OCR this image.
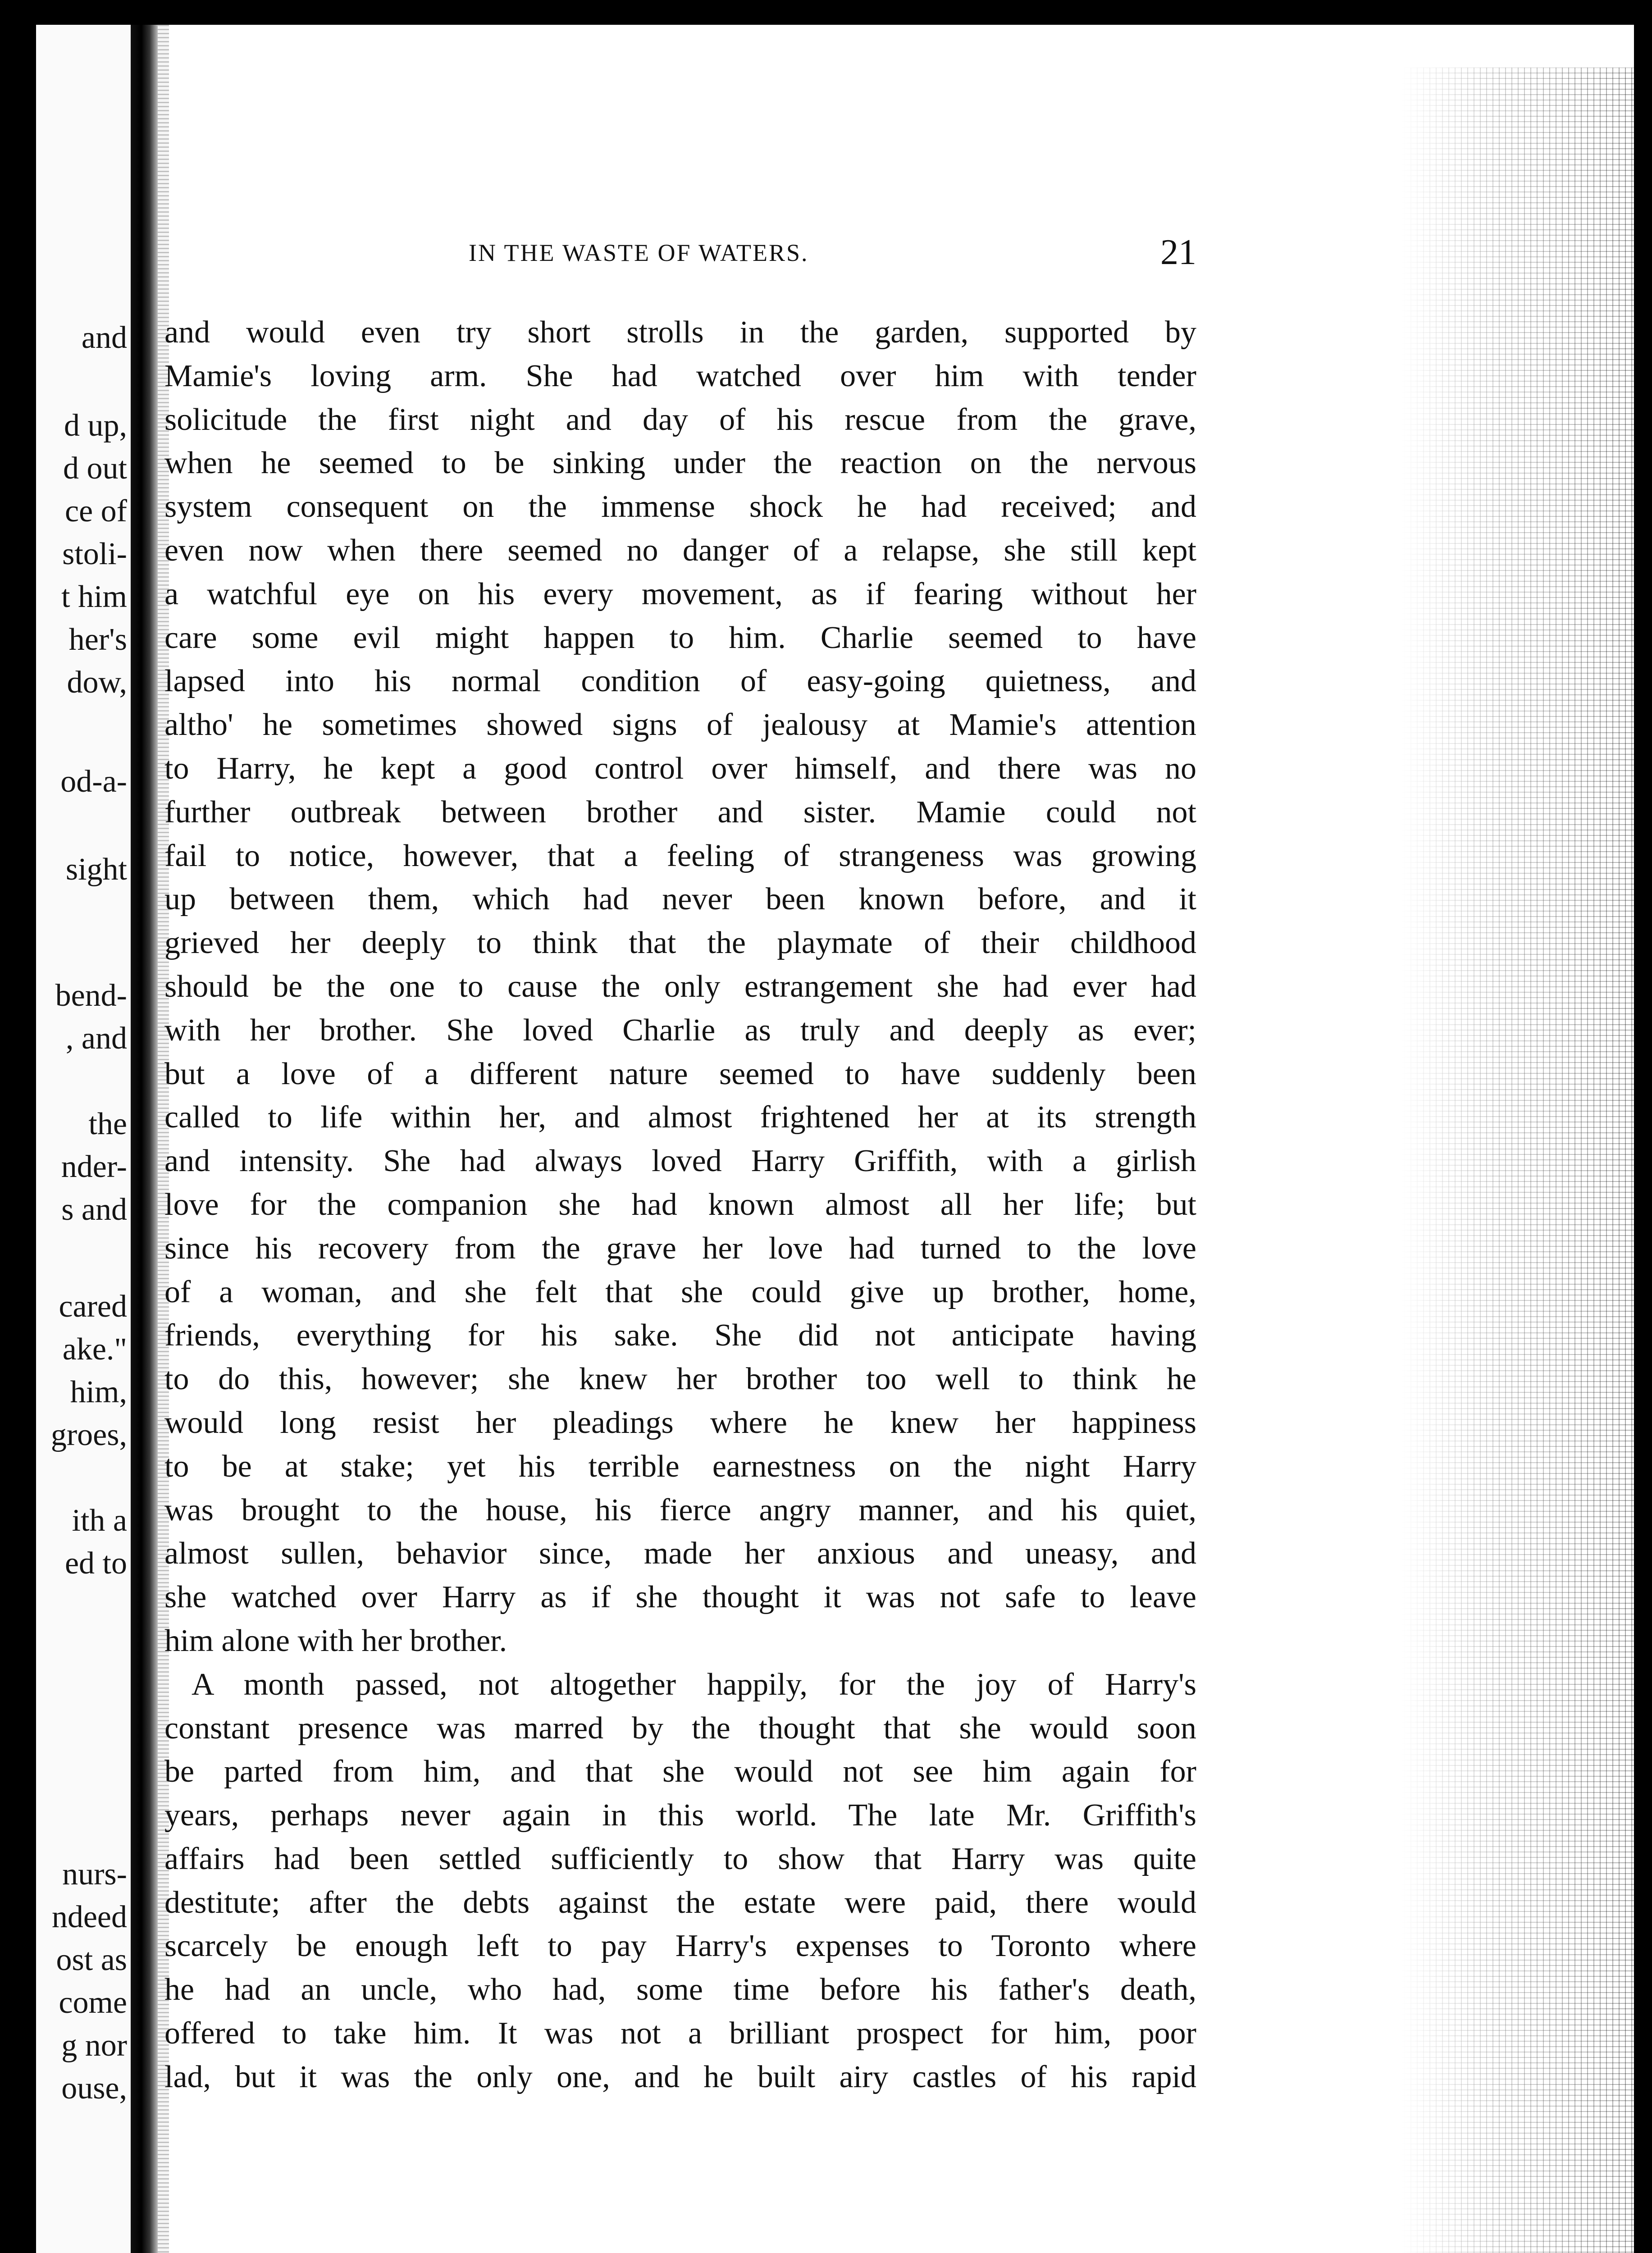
and
d up,
d out
ce of
stoli-
t him
her's
dow,
od-a-
sight
bend-
, and
the
nder-
s and
cared
ake."
him,
groes,
ith a
ed to
nurs-
ndeed
ost as
come
g nor
ouse,
IN THE WASTE OF WATERS.	21
and would even try short strolls in the garden, supported by
Mamie's loving arm. She had watched over him with tender
solicitude the first night and day of his rescue from the grave,
when he seemed to be sinking under the reaction on the nervous
system consequent on the immense shock he had received; and
even now when there seemed no danger of a relapse, she still kept
a watchful eye on his every movement, as if fearing without her
care some evil might happen to him. Charlie seemed to have
lapsed into his normal condition of easy-going quietness, and
altho' he sometimes showed signs of jealousy at Mamie's attention
to Harry, he kept a good control over himself, and there was no
further outbreak between brother and sister. Mamie could not
fail to notice, however, that a feeling of strangeness was growing
up between them, which had never been known before, and it
grieved her deeply to think that the playmate of their childhood
should be the one to cause the only estrangement she had ever had
with her brother. She loved Charlie as truly and deeply as ever;
but a love of a different nature seemed to have suddenly been
called to life within her, and almost frightened her at its strength
and intensity. She had always loved Harry Griffith, with a girlish
love for the companion she had known almost all her life; but
since his recovery from the grave her love had turned to the love
of a woman, and she felt that she could give up brother, home,
friends, everything for his sake. She did not anticipate having
to do this, however; she knew her brother too well to think he
would long resist her pleadings where he knew her happiness
to be at stake; yet his terrible earnestness on the night Harry
was brought to the house, his fierce angry manner, and his quiet,
almost sullen, behavior since, made her anxious and uneasy, and
she watched over Harry as if she thought it was not safe to leave
him alone with her brother.
A month passed, not altogether happily, for the joy of Harry's
constant presence was marred by the thought that she would soon
be parted from him, and that she would not see him again for
years, perhaps never again in this world. The late Mr. Griffith's
affairs had been settled sufficiently to show that Harry was quite
destitute; after the debts against the estate were paid, there would
scarcely be enough left to pay Harry's expenses to Toronto where
he had an uncle, who had, some time before his father's death,
offered to take him. It was not a brilliant prospect for him, poor
lad, but it was the only one, and he built airy castles of his rapid
